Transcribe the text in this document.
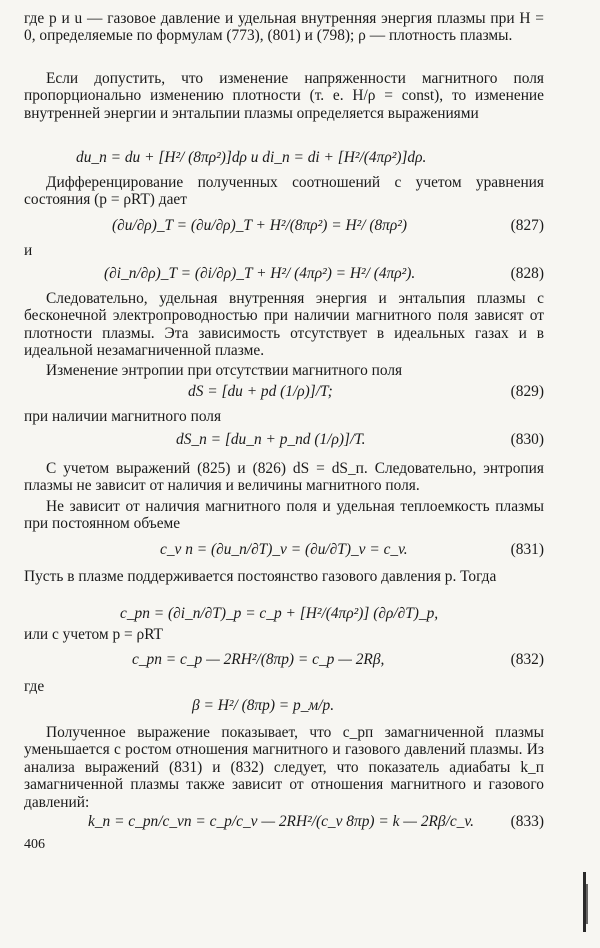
где p и u — газовое давление и удельная внутренняя энергия плазмы при H = 0, определяемые по формулам (773), (801) и (798); ρ — плотность плазмы.

Если допустить, что изменение напряженности магнитного поля пропорционально изменению плотности (т. е. H/ρ = const), то изменение внутренней энергии и энтальпии плазмы определяется выражениями

du_п = du + [H²/ (8πρ²)]dρ и di_п = di + [H²/(4πρ²)]dρ.

Дифференцирование полученных соотношений с учетом уравнения состояния (p = ρRT) дает

(∂u/∂ρ)_T = (∂u/∂ρ)_T + H²/(8πρ²) = H²/ (8πρ²)	(827)

и

(∂i_п/∂ρ)_T = (∂i/∂ρ)_T + H²/ (4πρ²) = H²/ (4πρ²).	(828)

Следовательно, удельная внутренняя энергия и энтальпия плазмы с бесконечной электропроводностью при наличии магнитного поля зависят от плотности плазмы. Эта зависимость отсутствует в идеальных газах и в идеальной незамагниченной плазме.

Изменение энтропии при отсутствии магнитного поля

dS = [du + pd (1/ρ)]/T;	(829)

при наличии магнитного поля

dS_п = [du_п + p_пd (1/ρ)]/T.	(830)

С учетом выражений (825) и (826) dS = dS_п. Следовательно, энтропия плазмы не зависит от наличия и величины магнитного поля.

Не зависит от наличия магнитного поля и удельная теплоемкость плазмы при постоянном объеме

c_v п = (∂u_п/∂T)_v = (∂u/∂T)_v = c_v.	(831)

Пусть в плазме поддерживается постоянство газового давления p. Тогда

c_pп = (∂i_п/∂T)_p = c_p + [H²/(4πρ²)] (∂ρ/∂T)_p,

или с учетом p = ρRT

c_pп = c_p — 2RH²/(8πp) = c_p — 2Rβ,	(832)

где

β = H²/ (8πp) = p_м/p.

Полученное выражение показывает, что c_pп замагниченной плазмы уменьшается с ростом отношения магнитного и газового давлений плазмы. Из анализа выражений (831) и (832) следует, что показатель адиабаты k_п замагниченной плазмы также зависит от отношения магнитного и газового давлений:

k_п = c_pп/c_vп = c_p/c_v — 2RH²/(c_v 8πp) = k — 2Rβ/c_v. (833)
406
